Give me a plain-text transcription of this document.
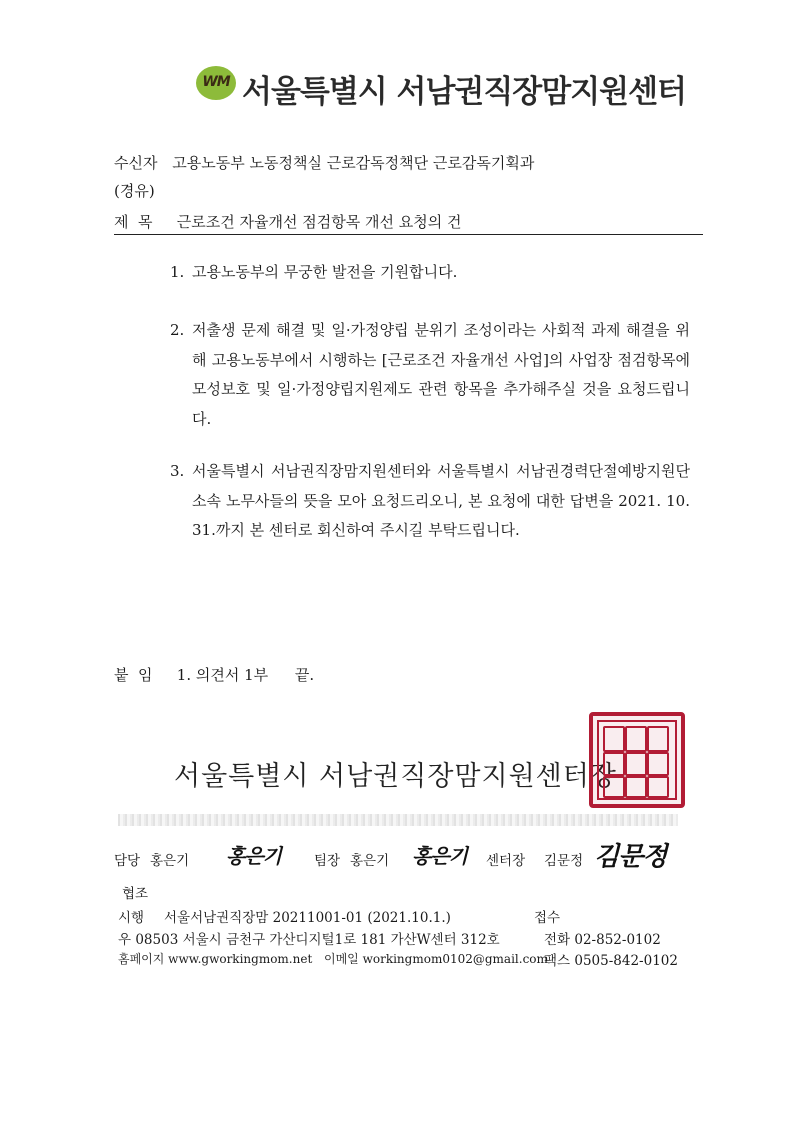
WM 서울특별시 서남권직장맘지원센터
수신자 고용노동부 노동정책실 근로감독정책단 근로감독기획과
(경유)
제  목 근로조건 자율개선 점검항목 개선 요청의 건
1. 고용노동부의 무궁한 발전을 기원합니다.
2. 저출생 문제 해결 및 일·가정양립 분위기 조성이라는 사회적 과제 해결을 위해 고용노동부에서 시행하는 [근로조건 자율개선 사업]의 사업장 점검항목에 모성보호 및 일·가정양립지원제도 관련 항목을 추가해주실 것을 요청드립니다.
3. 서울특별시 서남권직장맘지원센터와 서울특별시 서남권경력단절예방지원단 소속 노무사들의 뜻을 모아 요청드리오니, 본 요청에 대한 답변을 2021. 10. 31.까지 본 센터로 회신하여 주시길 부탁드립니다.
붙  임 1. 의견서 1부 끝.
서울특별시 서남권직장맘지원센터장
담당 홍은기 홍은기 팀장 홍은기 홍은기 센터장 김문정 김문정
협조
시행 서울서남권직장맘 20211001-01 (2021.10.1.)	접수
우 08503 서울시 금천구 가산디지털1로 181 가산W센터 312호	전화 02-852-0102
홈페이지 www.gworkingmom.net 이메일 workingmom0102@gmail.com
팩스 0505-842-0102
